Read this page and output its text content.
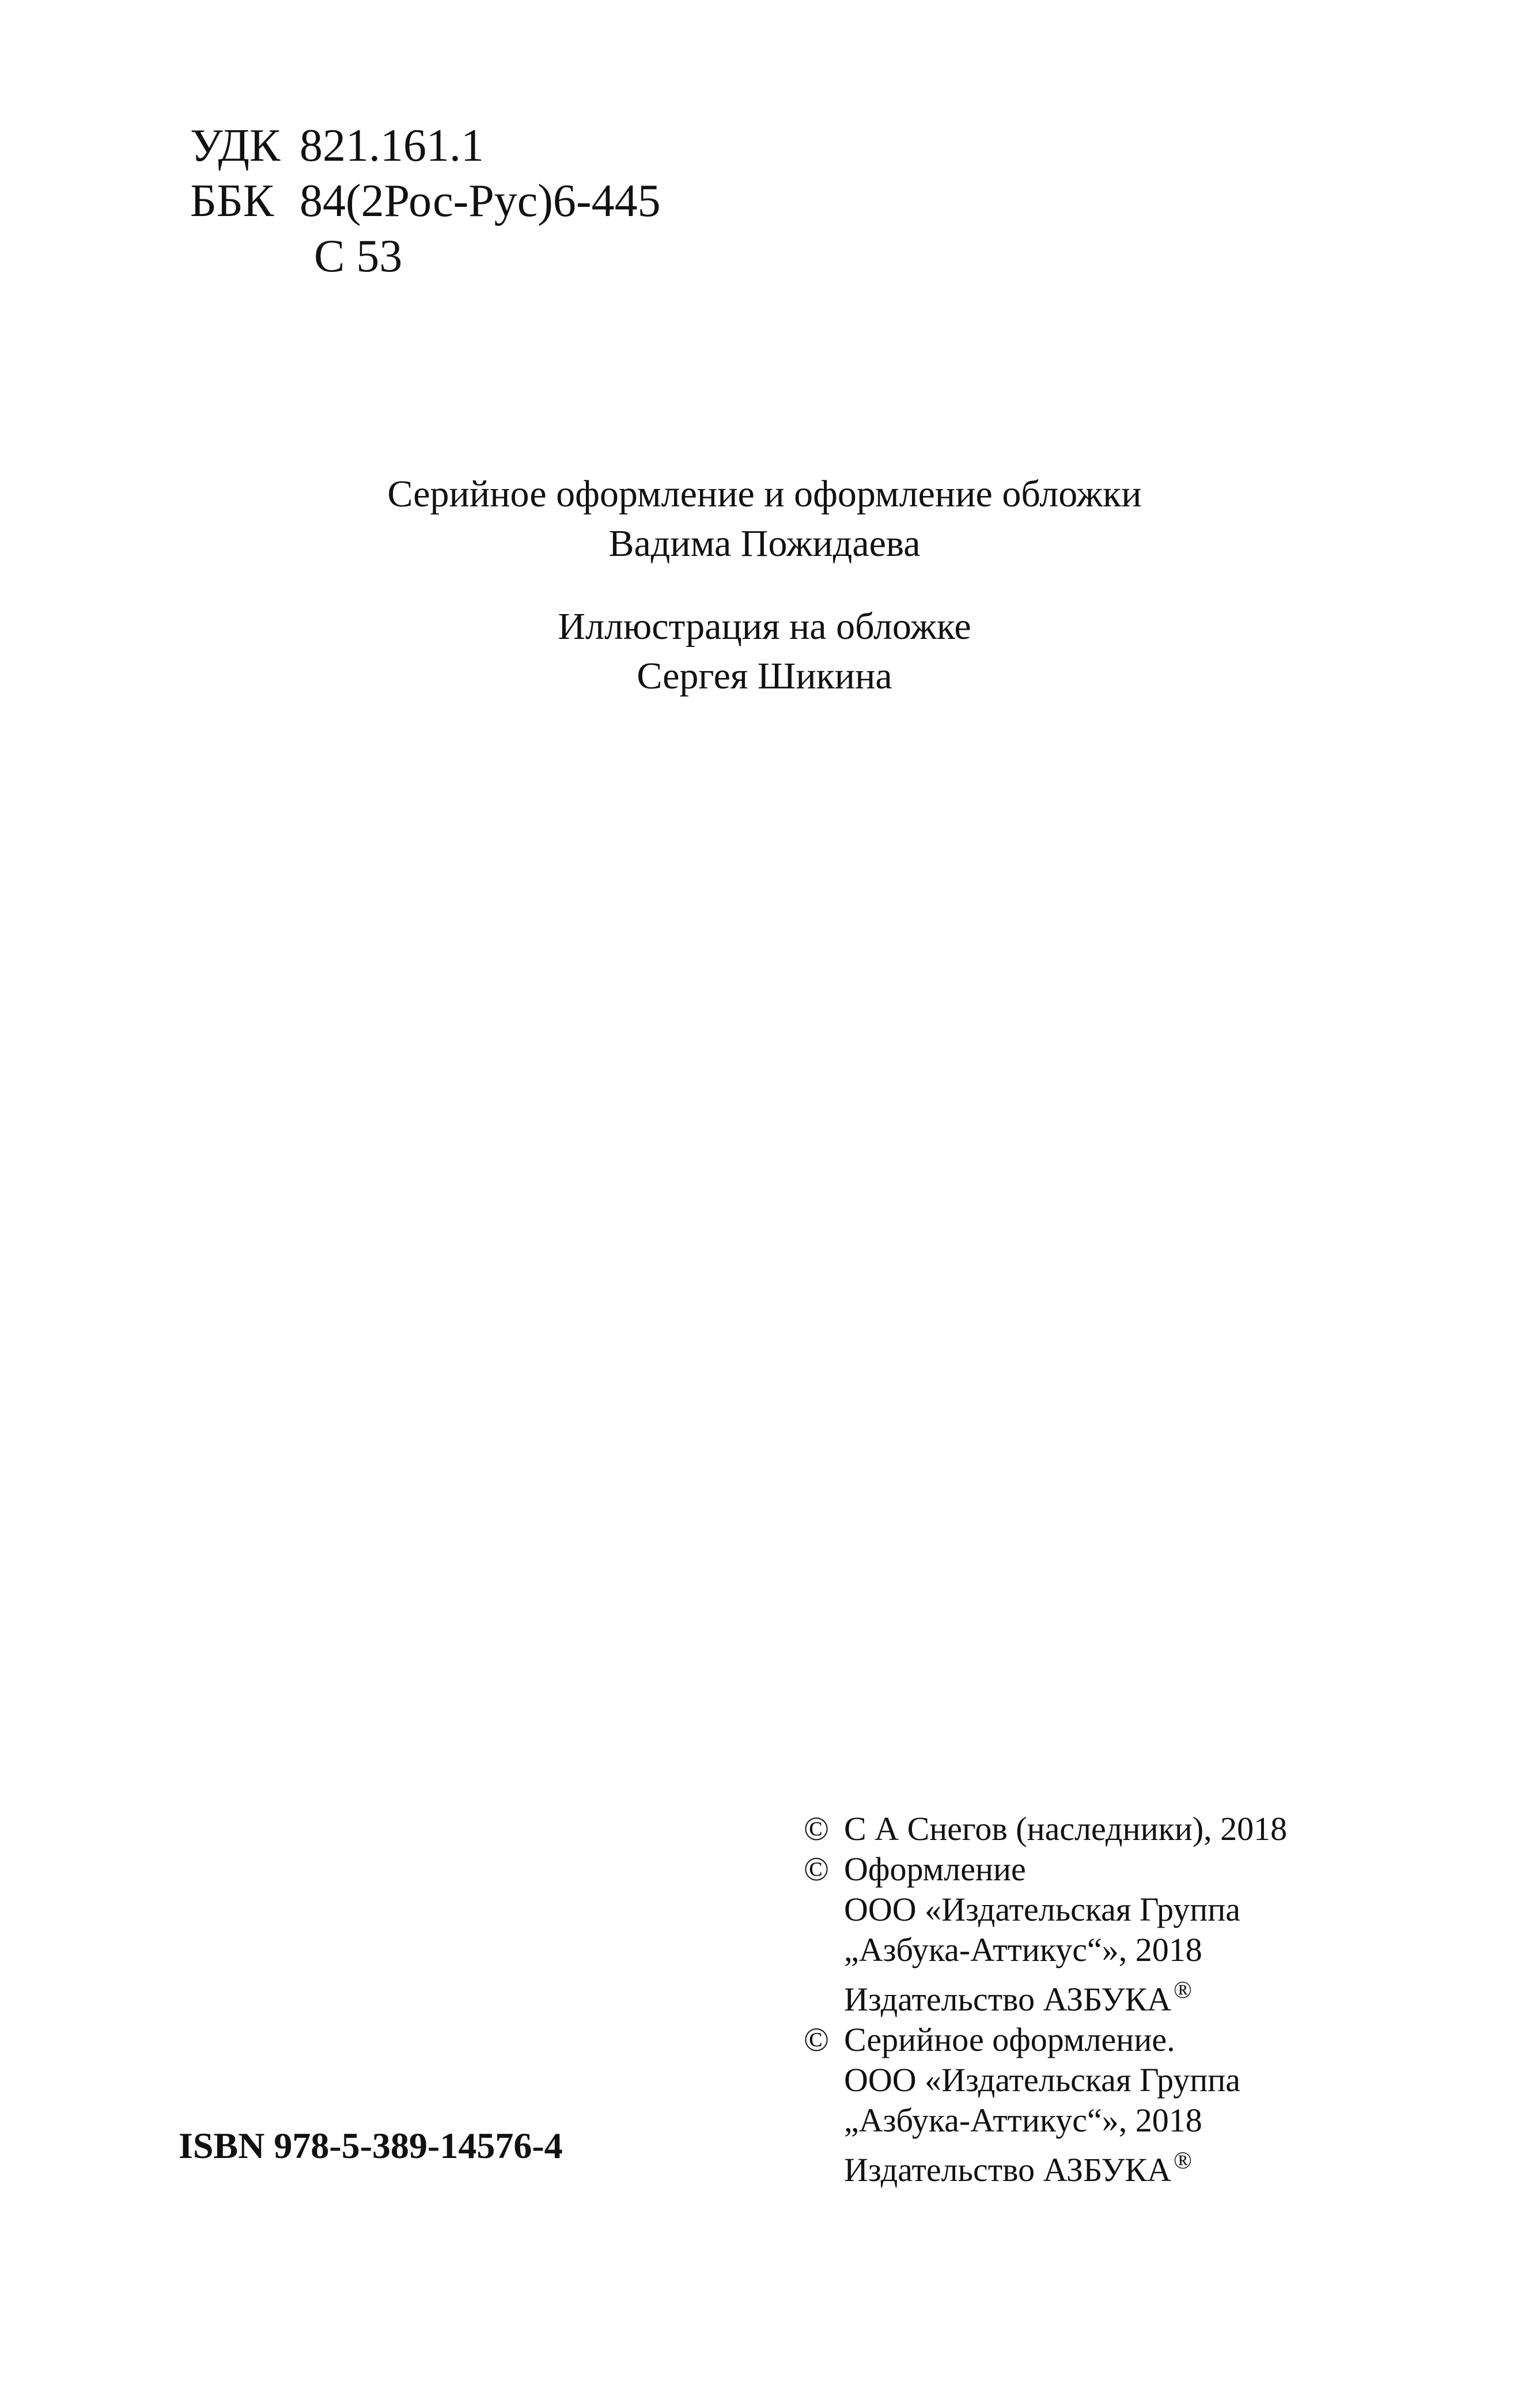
УДК 821.161.1
ББК 84(2Рос-Рус)6-445
С 53
Серийное оформление и оформление обложки
Вадима Пожидаева
Иллюстрация на обложке
Сергея Шикина
© С А Снегов (наследники), 2018
© Оформление
ООО «Издательская Группа
„Азбука-Аттикус“», 2018
Издательство АЗБУКА®
© Серийное оформление.
ООО «Издательская Группа
„Азбука-Аттикус“», 2018
Издательство АЗБУКА®
ISBN 978-5-389-14576-4
